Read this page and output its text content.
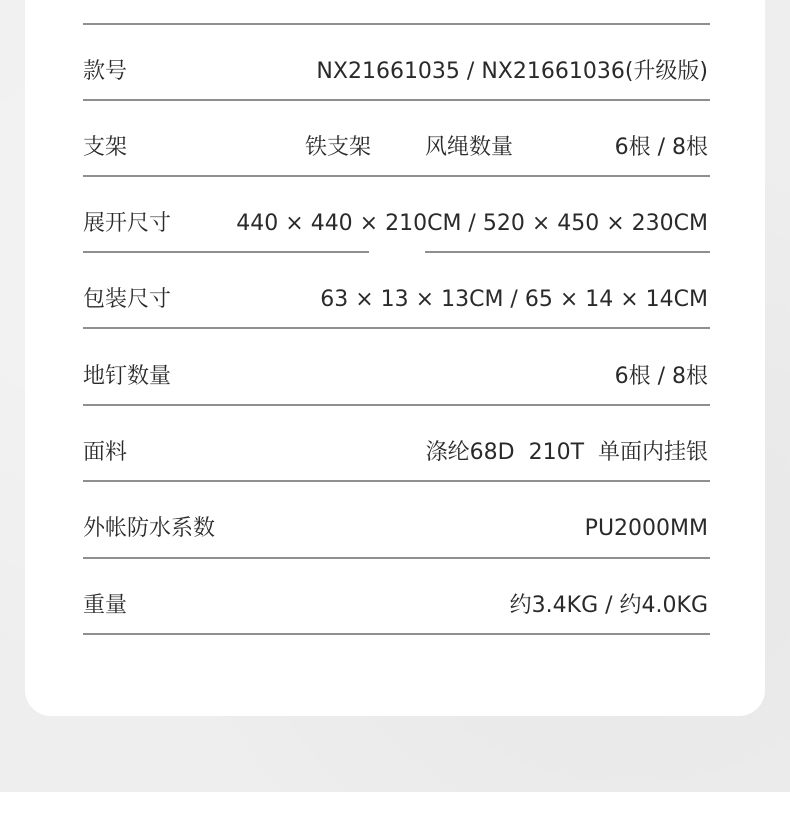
款号	NX21661035 / NX21661036(升级版)
支架	铁支架 风绳数量	6根 / 8根
展开尺寸	440 × 440 × 210CM / 520 × 450 × 230CM
包装尺寸	63 × 13 × 13CM / 65 × 14 × 14CM
地钉数量	6根 / 8根
面料	涤纶68D  210T  单面内挂银
外帐防水系数	PU2000MM
重量	约3.4KG / 约4.0KG
